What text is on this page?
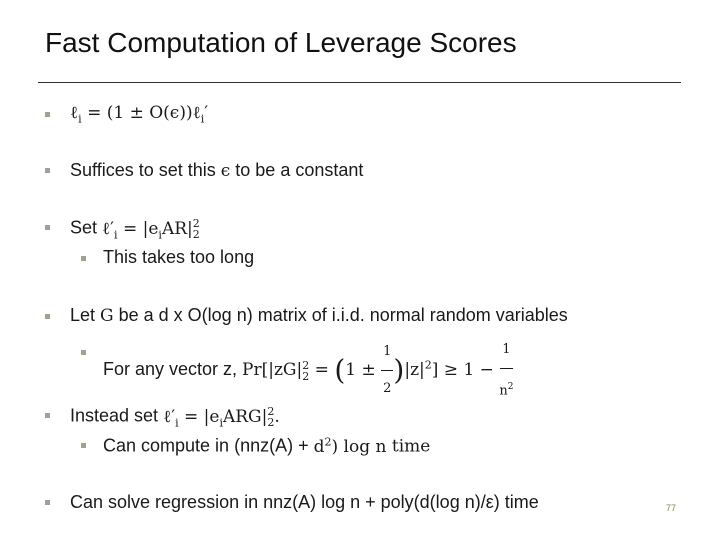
Fast Computation of Leverage Scores
ℓ$_i$ = (1 ± O(ϵ))ℓ$_i$′
Suffices to set this ϵ to be a constant
Set $\ell'_i = |e_iAR|$ 2
2
This takes too long
Let G be a d x O(log n) matrix of i.i.d. normal random variables
For any vector z, Pr[|zG| 2
$2 = (1 \pm \frac{1}{2} )|z|^2] \ge 1 - \frac{1}{n^2}$
Instead set $\ell'_i = |e_iARG|$ 2
2 .
Can compute in $(nnz(A) + d^2)$ log n time
Can solve regression in nnz(A) log n + poly(d(log n)/ε) time	77
